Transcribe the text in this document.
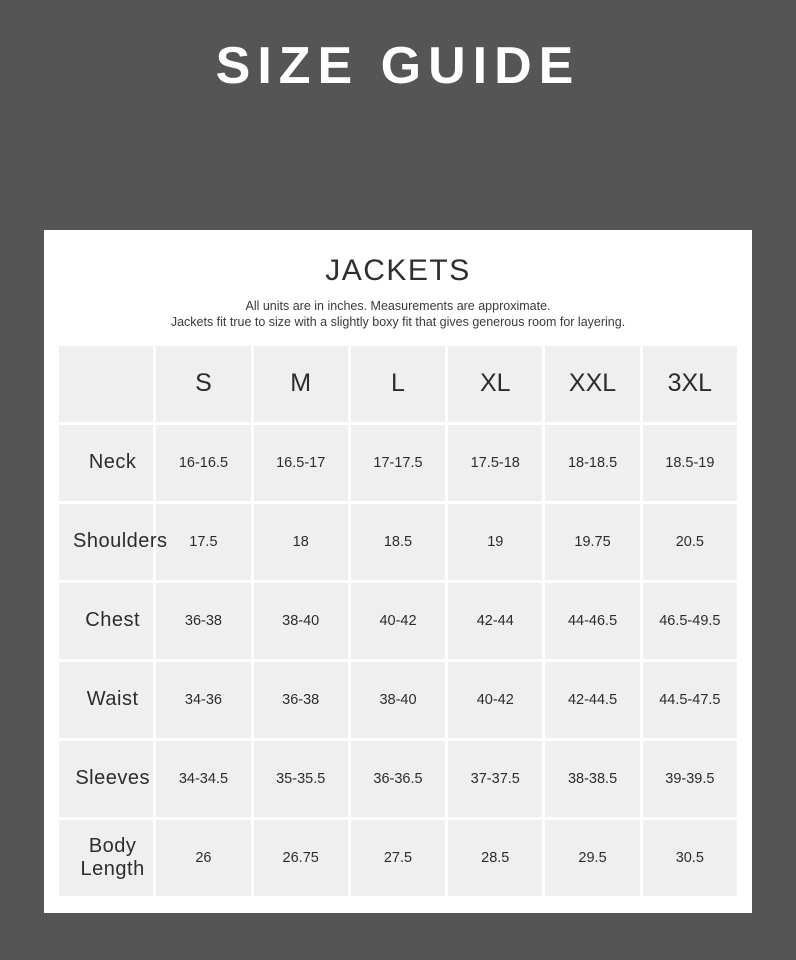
SIZE GUIDE
JACKETS
All units are in inches. Measurements are approximate.
Jackets fit true to size with a slightly boxy fit that gives generous room for layering.
	S	M	L	XL	XXL	3XL
Neck	16-16.5	16.5-17	17-17.5	17.5-18	18-18.5	18.5-19
Shoulders	17.5	18	18.5	19	19.75	20.5
Chest	36-38	38-40	40-42	42-44	44-46.5	46.5-49.5
Waist	34-36	36-38	38-40	40-42	42-44.5	44.5-47.5
Sleeves	34-34.5	35-35.5	36-36.5	37-37.5	38-38.5	39-39.5

Body Length	26	26.75	27.5	28.5	29.5	30.5
